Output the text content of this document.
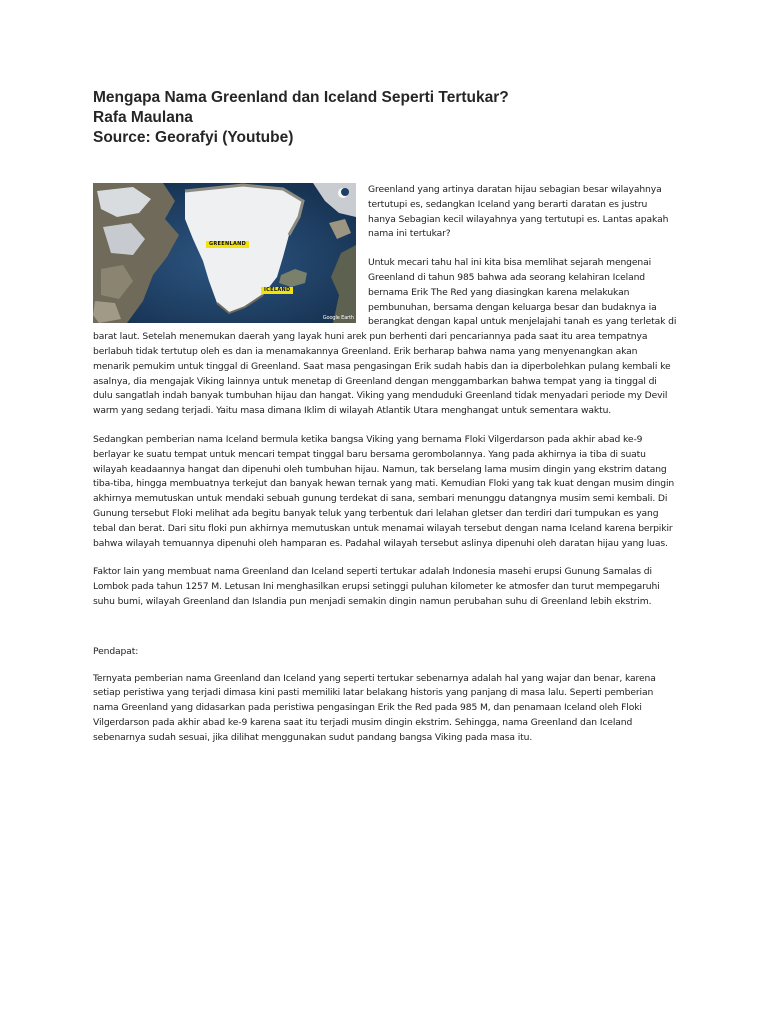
Mengapa Nama Greenland dan Iceland Seperti Tertukar?
Rafa Maulana
Source: Georafyi (Youtube)
GREENLAND
ICELAND
Google Earth

Greenland yang artinya daratan hijau sebagian besar wilayahnya tertutupi es, sedangkan Iceland yang berarti daratan es justru hanya Sebagian kecil wilayahnya yang tertutupi es. Lantas apakah nama ini tertukar?

Untuk mecari tahu hal ini kita bisa memlihat sejarah mengenai Greenland di tahun 985 bahwa ada seorang kelahiran Iceland bernama Erik The Red yang diasingkan karena melakukan pembunuhan, bersama dengan keluarga besar dan budaknya ia berangkat dengan kapal untuk menjelajahi tanah es yang terletak di barat laut. Setelah menemukan daerah yang layak huni arek pun berhenti dari pencariannya pada saat itu area tempatnya berlabuh tidak tertutup oleh es dan ia menamakannya Greenland. Erik berharap bahwa nama yang menyenangkan akan menarik pemukim untuk tinggal di Greenland. Saat masa pengasingan Erik sudah habis dan ia diperbolehkan pulang kembali ke asalnya, dia mengajak Viking lainnya untuk menetap di Greenland dengan menggambarkan bahwa tempat yang ia tinggal di dulu sangatlah indah banyak tumbuhan hijau dan hangat. Viking yang menduduki Greenland tidak menyadari periode my Devil warm yang sedang terjadi. Yaitu masa dimana Iklim di wilayah Atlantik Utara menghangat untuk sementara waktu.

Sedangkan pemberian nama Iceland bermula ketika bangsa Viking yang bernama Floki Vilgerdarson pada akhir abad ke-9 berlayar ke suatu tempat untuk mencari tempat tinggal baru bersama gerombolannya. Yang pada akhirnya ia tiba di suatu wilayah keadaannya hangat dan dipenuhi oleh tumbuhan hijau. Namun, tak berselang lama musim dingin yang ekstrim datang tiba-tiba, hingga membuatnya terkejut dan banyak hewan ternak yang mati. Kemudian Floki yang tak kuat dengan musim dingin akhirnya memutuskan untuk mendaki sebuah gunung terdekat di sana, sembari menunggu datangnya musim semi kembali. Di Gunung tersebut Floki melihat ada begitu banyak teluk yang terbentuk dari lelahan gletser dan terdiri dari tumpukan es yang tebal dan berat. Dari situ floki pun akhirnya memutuskan untuk menamai wilayah tersebut dengan nama Iceland karena berpikir bahwa wilayah temuannya dipenuhi oleh hamparan es. Padahal wilayah tersebut aslinya dipenuhi oleh daratan hijau yang luas.

Faktor lain yang membuat nama Greenland dan Iceland seperti tertukar adalah Indonesia masehi erupsi Gunung Samalas di Lombok pada tahun 1257 M. Letusan Ini menghasilkan erupsi setinggi puluhan kilometer ke atmosfer dan turut mempegaruhi suhu bumi, wilayah Greenland dan Islandia pun menjadi semakin dingin namun perubahan suhu di Greenland lebih ekstrim.

Pendapat:

Ternyata pemberian nama Greenland dan Iceland yang seperti tertukar sebenarnya adalah hal yang wajar dan benar, karena setiap peristiwa yang terjadi dimasa kini pasti memiliki latar belakang historis yang panjang di masa lalu. Seperti pemberian nama Greenland yang didasarkan pada peristiwa pengasingan Erik the Red pada 985 M, dan penamaan Iceland oleh Floki Vilgerdarson pada akhir abad ke-9 karena saat itu terjadi musim dingin ekstrim. Sehingga, nama Greenland dan Iceland sebenarnya sudah sesuai, jika dilihat menggunakan sudut pandang bangsa Viking pada masa itu.
